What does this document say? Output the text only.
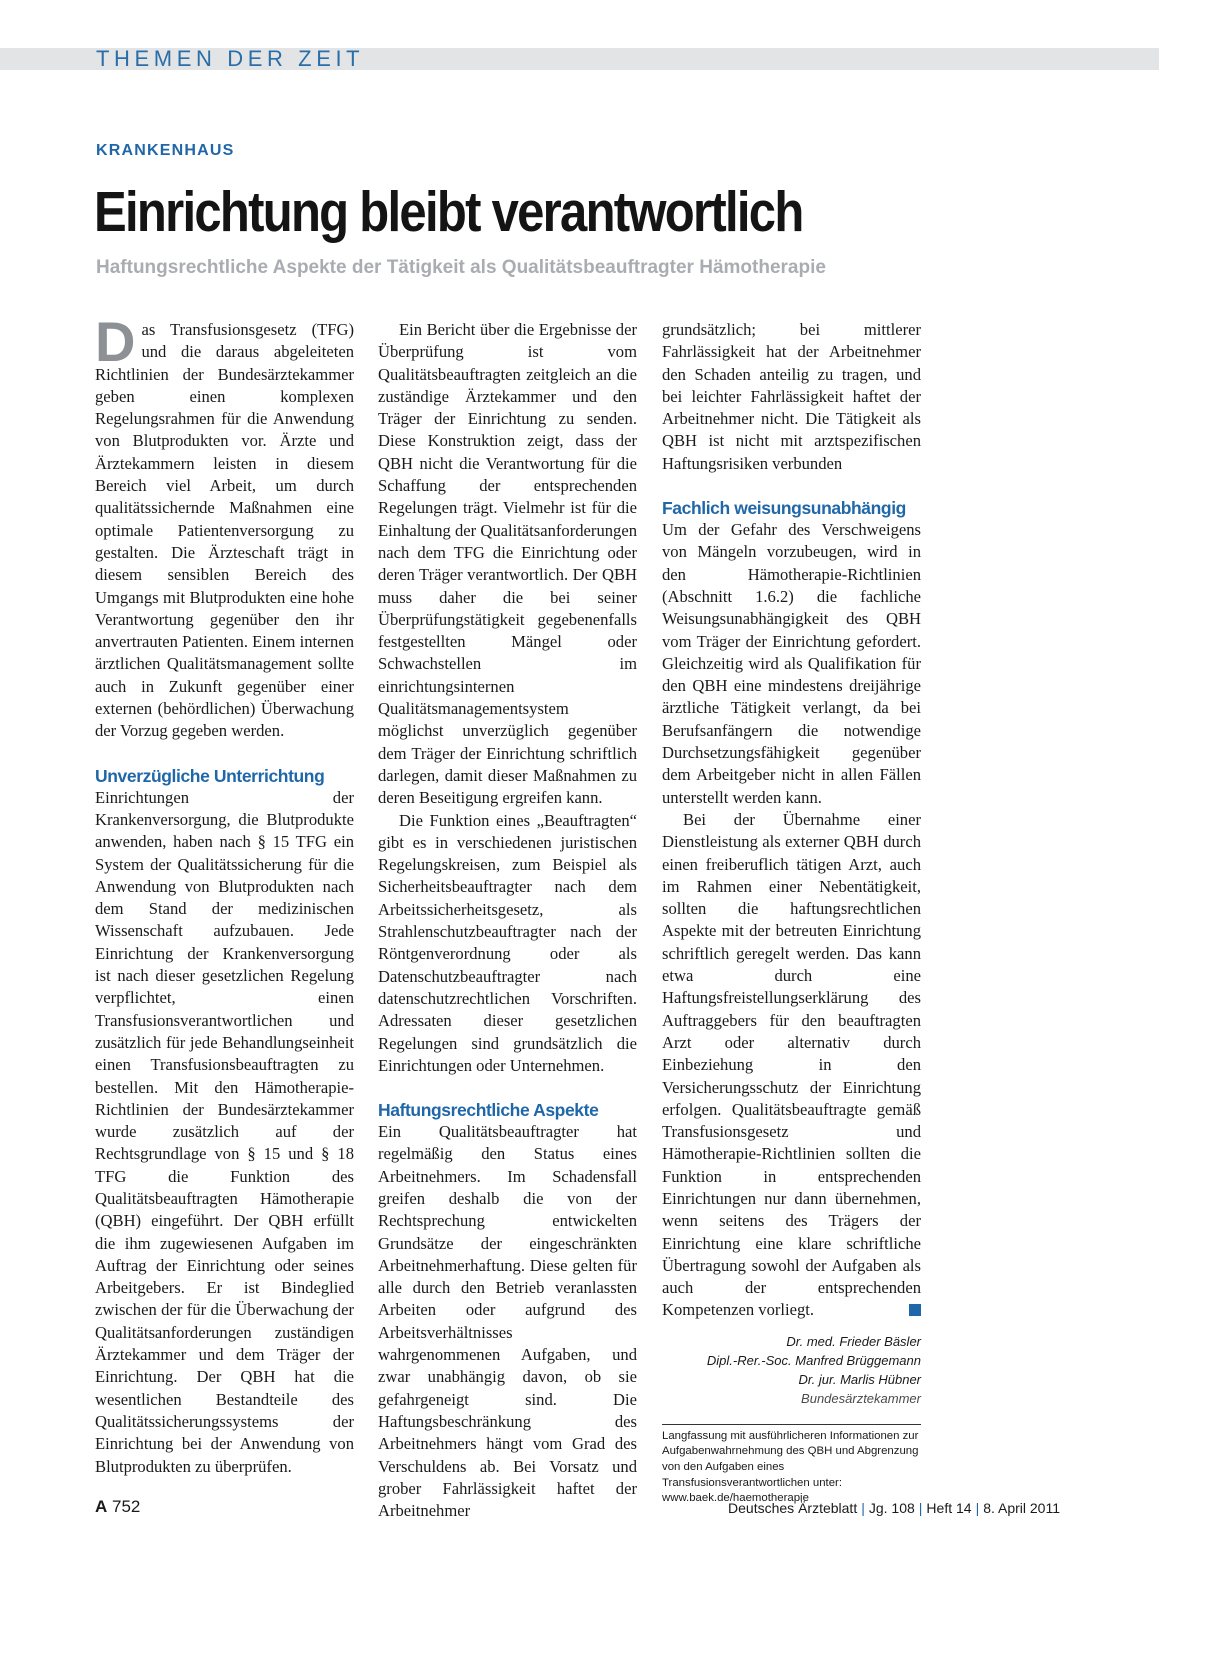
THEMEN DER ZEIT
KRANKENHAUS
Einrichtung bleibt verantwortlich
Haftungsrechtliche Aspekte der Tätigkeit als Qualitätsbeauftragter Hämotherapie

Das Transfusionsgesetz (TFG) und die daraus abgeleiteten Richtlinien der Bundesärztekammer geben einen komplexen Regelungsrahmen für die Anwendung von Blutprodukten vor. Ärzte und Ärztekammern leisten in diesem Bereich viel Arbeit, um durch qualitätssichernde Maßnahmen eine optimale Patientenversorgung zu gestalten. Die Ärzteschaft trägt in diesem sensiblen Bereich des Umgangs mit Blutprodukten eine hohe Verantwortung gegenüber den ihr anvertrauten Patienten. Einem internen ärztlichen Qualitätsmanagement sollte auch in Zukunft gegenüber einer externen (behördlichen) Überwachung der Vorzug gegeben werden.

Unverzügliche Unterrichtung

Einrichtungen der Krankenversorgung, die Blutprodukte anwenden, haben nach § 15 TFG ein System der Qualitätssicherung für die Anwendung von Blutprodukten nach dem Stand der medizinischen Wissenschaft aufzubauen. Jede Einrichtung der Krankenversorgung ist nach dieser gesetzlichen Regelung verpflichtet, einen Transfusionsverantwortlichen und zusätzlich für jede Behandlungseinheit einen Transfusionsbeauftragten zu bestellen. Mit den Hämotherapie-Richtlinien der Bundesärztekammer wurde zusätzlich auf der Rechtsgrundlage von § 15 und § 18 TFG die Funktion des Qualitätsbeauftragten Hämotherapie (QBH) eingeführt. Der QBH erfüllt die ihm zugewiesenen Aufgaben im Auftrag der Einrichtung oder seines Arbeitgebers. Er ist Bindeglied zwischen der für die Überwachung der Qualitätsanforderungen zuständigen Ärztekammer und dem Träger der Einrichtung. Der QBH hat die wesentlichen Bestandteile des Qualitätssicherungssystems der Einrichtung bei der Anwendung von Blutprodukten zu überprüfen.

Ein Bericht über die Ergebnisse der Überprüfung ist vom Qualitätsbeauftragten zeitgleich an die zuständige Ärztekammer und den Träger der Einrichtung zu senden. Diese Konstruktion zeigt, dass der QBH nicht die Verantwortung für die Schaffung der entsprechenden Regelungen trägt. Vielmehr ist für die Einhaltung der Qualitätsanforderungen nach dem TFG die Einrichtung oder deren Träger verantwortlich. Der QBH muss daher die bei seiner Überprüfungstätigkeit gegebenenfalls festgestellten Mängel oder Schwachstellen im einrichtungsinternen Qualitätsmanagementsystem möglichst unverzüglich gegenüber dem Träger der Einrichtung schriftlich darlegen, damit dieser Maßnahmen zu deren Beseitigung ergreifen kann.

Die Funktion eines „Beauftragten“ gibt es in verschiedenen juristischen Regelungskreisen, zum Beispiel als Sicherheitsbeauftragter nach dem Arbeitssicherheitsgesetz, als Strahlenschutzbeauftragter nach der Röntgenverordnung oder als Datenschutzbeauftragter nach datenschutzrechtlichen Vorschriften. Adressaten dieser gesetzlichen Regelungen sind grundsätzlich die Einrichtungen oder Unternehmen.

Haftungsrechtliche Aspekte

Ein Qualitätsbeauftragter hat regelmäßig den Status eines Arbeitnehmers. Im Schadensfall greifen deshalb die von der Rechtsprechung entwickelten Grundsätze der eingeschränkten Arbeitnehmerhaftung. Diese gelten für alle durch den Betrieb veranlassten Arbeiten oder aufgrund des Arbeitsverhältnisses wahrgenommenen Aufgaben, und zwar unabhängig davon, ob sie gefahrgeneigt sind. Die Haftungsbeschränkung des Arbeitnehmers hängt vom Grad des Verschuldens ab. Bei Vorsatz und grober Fahrlässigkeit haftet der Arbeitnehmer

grundsätzlich; bei mittlerer Fahrlässigkeit hat der Arbeitnehmer den Schaden anteilig zu tragen, und bei leichter Fahrlässigkeit haftet der Arbeitnehmer nicht. Die Tätigkeit als QBH ist nicht mit arztspezifischen Haftungsrisiken verbunden

Fachlich weisungsunabhängig

Um der Gefahr des Verschweigens von Mängeln vorzubeugen, wird in den Hämotherapie-Richtlinien (Abschnitt 1.6.2) die fachliche Weisungsunabhängigkeit des QBH vom Träger der Einrichtung gefordert. Gleichzeitig wird als Qualifikation für den QBH eine mindestens dreijährige ärztliche Tätigkeit verlangt, da bei Berufsanfängern die notwendige Durchsetzungsfähigkeit gegenüber dem Arbeitgeber nicht in allen Fällen unterstellt werden kann.

Bei der Übernahme einer Dienstleistung als externer QBH durch einen freiberuflich tätigen Arzt, auch im Rahmen einer Nebentätigkeit, sollten die haftungsrechtlichen Aspekte mit der betreuten Einrichtung schriftlich geregelt werden. Das kann etwa durch eine Haftungsfreistellungserklärung des Auftraggebers für den beauftragten Arzt oder alternativ durch Einbeziehung in den Versicherungsschutz der Einrichtung erfolgen. Qualitätsbeauftragte gemäß Transfusionsgesetz und Hämotherapie-Richtlinien sollten die Funktion in entsprechenden Einrichtungen nur dann übernehmen, wenn seitens des Trägers der Einrichtung eine klare schriftliche Übertragung sowohl der Aufgaben als auch der entsprechenden Kompetenzen vorliegt.

Dr. med. Frieder Bäsler
Dipl.-Rer.-Soc. Manfred Brüggemann
Dr. jur. Marlis Hübner
Bundesärztekammer
Langfassung mit ausführlicheren Informationen zur Aufgabenwahrnehmung des QBH und Abgrenzung von den Aufgaben eines Transfusionsverantwortlichen unter: www.baek.de/haemotherapie

A 752	Deutsches Ärzteblatt | Jg. 108 | Heft 14 | 8. April 2011
